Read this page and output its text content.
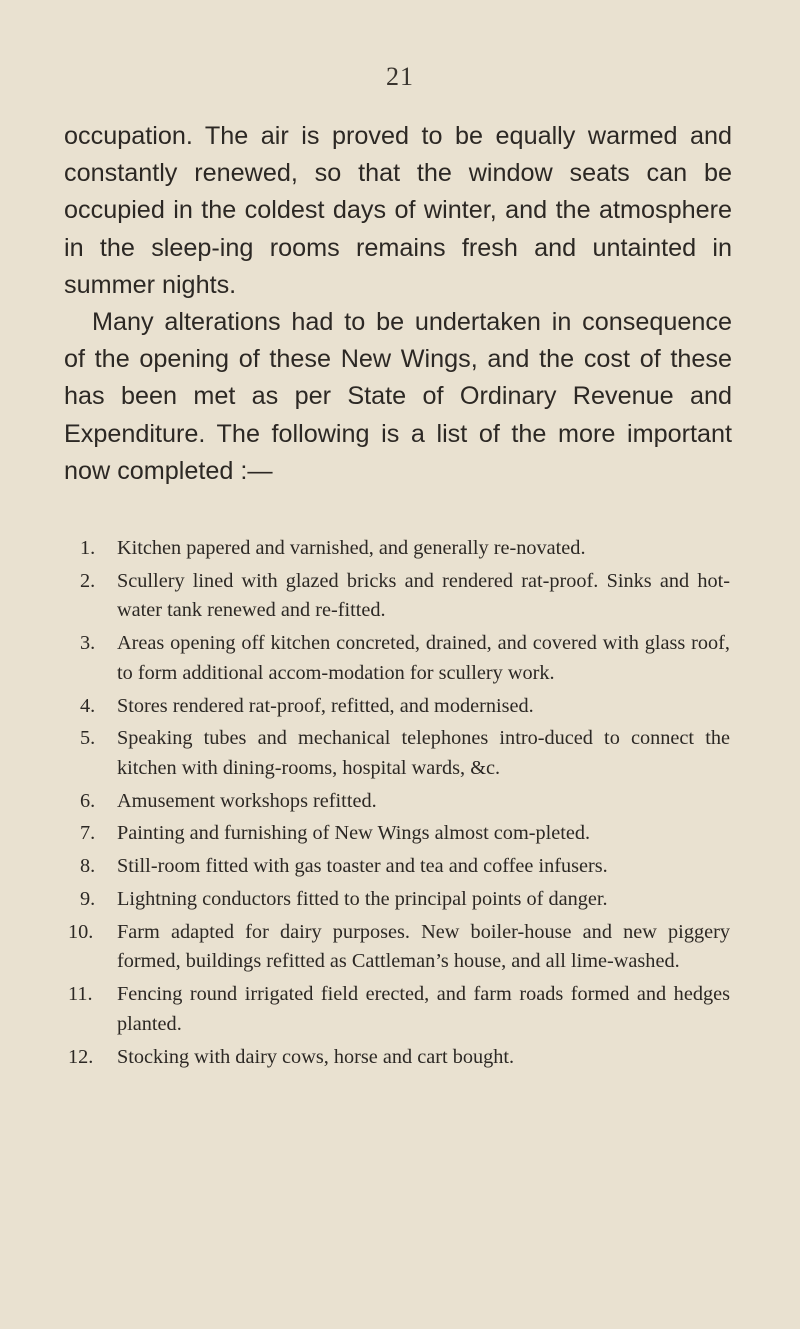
21

occupation. The air is proved to be equally warmed and constantly renewed, so that the window seats can be occupied in the coldest days of winter, and the atmosphere in the sleep-ing rooms remains fresh and untainted in summer nights.

Many alterations had to be undertaken in consequence of the opening of these New Wings, and the cost of these has been met as per State of Ordinary Revenue and Expenditure. The following is a list of the more important now completed :—

1.	Kitchen papered and varnished, and generally re-novated.
2.	Scullery lined with glazed bricks and rendered rat-proof. Sinks and hot-water tank renewed and re-fitted.
3.	Areas opening off kitchen concreted, drained, and covered with glass roof, to form additional accom-modation for scullery work.
4.	Stores rendered rat-proof, refitted, and modernised.
5.	Speaking tubes and mechanical telephones intro-duced to connect the kitchen with dining-rooms, hospital wards, &c.
6.	Amusement workshops refitted.
7.	Painting and furnishing of New Wings almost com-pleted.
8.	Still-room fitted with gas toaster and tea and coffee infusers.
9.	Lightning conductors fitted to the principal points of danger.
10.	Farm adapted for dairy purposes. New boiler-house and new piggery formed, buildings refitted as Cattleman’s house, and all lime-washed.
11.	Fencing round irrigated field erected, and farm roads formed and hedges planted.
12.	Stocking with dairy cows, horse and cart bought.
